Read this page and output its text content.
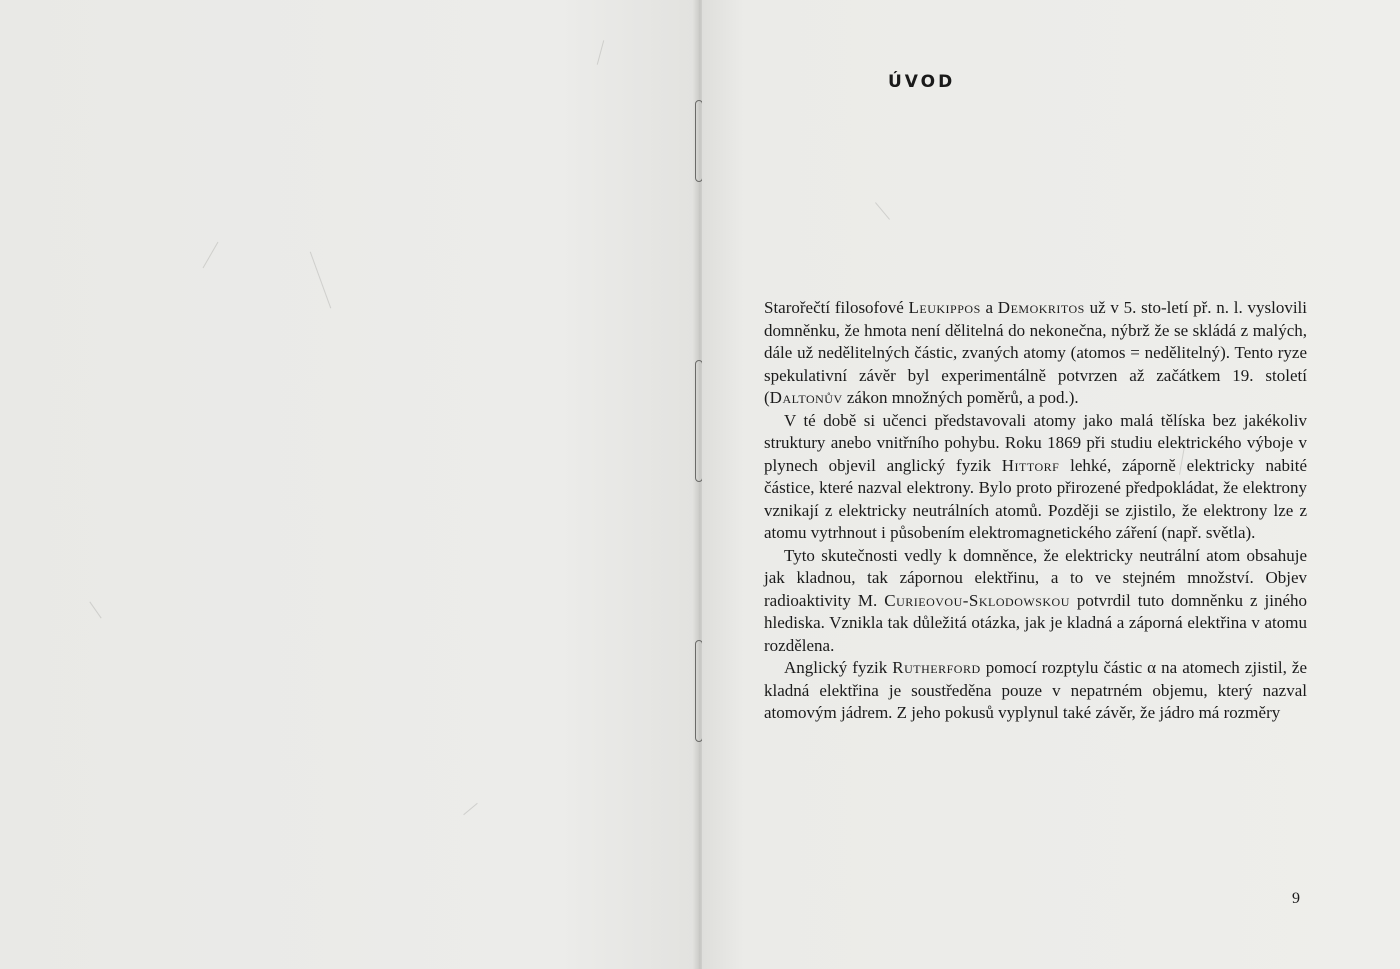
ÚVOD

Starořečtí filosofové Leukippos a Demokritos už v 5. sto-letí př. n. l. vyslovili domněnku, že hmota není dělitelná do nekonečna, nýbrž že se skládá z malých, dále už nedělitelných částic, zvaných atomy (atomos = nedělitelný). Tento ryze spekulativní závěr byl experimentálně potvrzen až začátkem 19. století (Daltonův zákon množných poměrů, a pod.).

V té době si učenci představovali atomy jako malá tělíska bez jakékoliv struktury anebo vnitřního pohybu. Roku 1869 při studiu elektrického výboje v plynech objevil anglický fyzik Hittorf lehké, záporně elektricky nabité částice, které nazval elektrony. Bylo proto přirozené předpokládat, že elektrony vznikají z elektricky neutrálních atomů. Později se zjistilo, že elektrony lze z atomu vytrhnout i působením elektromagnetického záření (např. světla).

Tyto skutečnosti vedly k domněnce, že elektricky neutrální atom obsahuje jak kladnou, tak zápornou elektřinu, a to ve stejném množství. Objev radioaktivity M. Curieovou-Sklodowskou potvrdil tuto domněnku z jiného hlediska. Vznikla tak důležitá otázka, jak je kladná a záporná elektřina v atomu rozdělena.

Anglický fyzik Rutherford pomocí rozptylu částic α na atomech zjistil, že kladná elektřina je soustředěna pouze v nepatrném objemu, který nazval atomovým jádrem. Z jeho pokusů vyplynul také závěr, že jádro má rozměry

9
